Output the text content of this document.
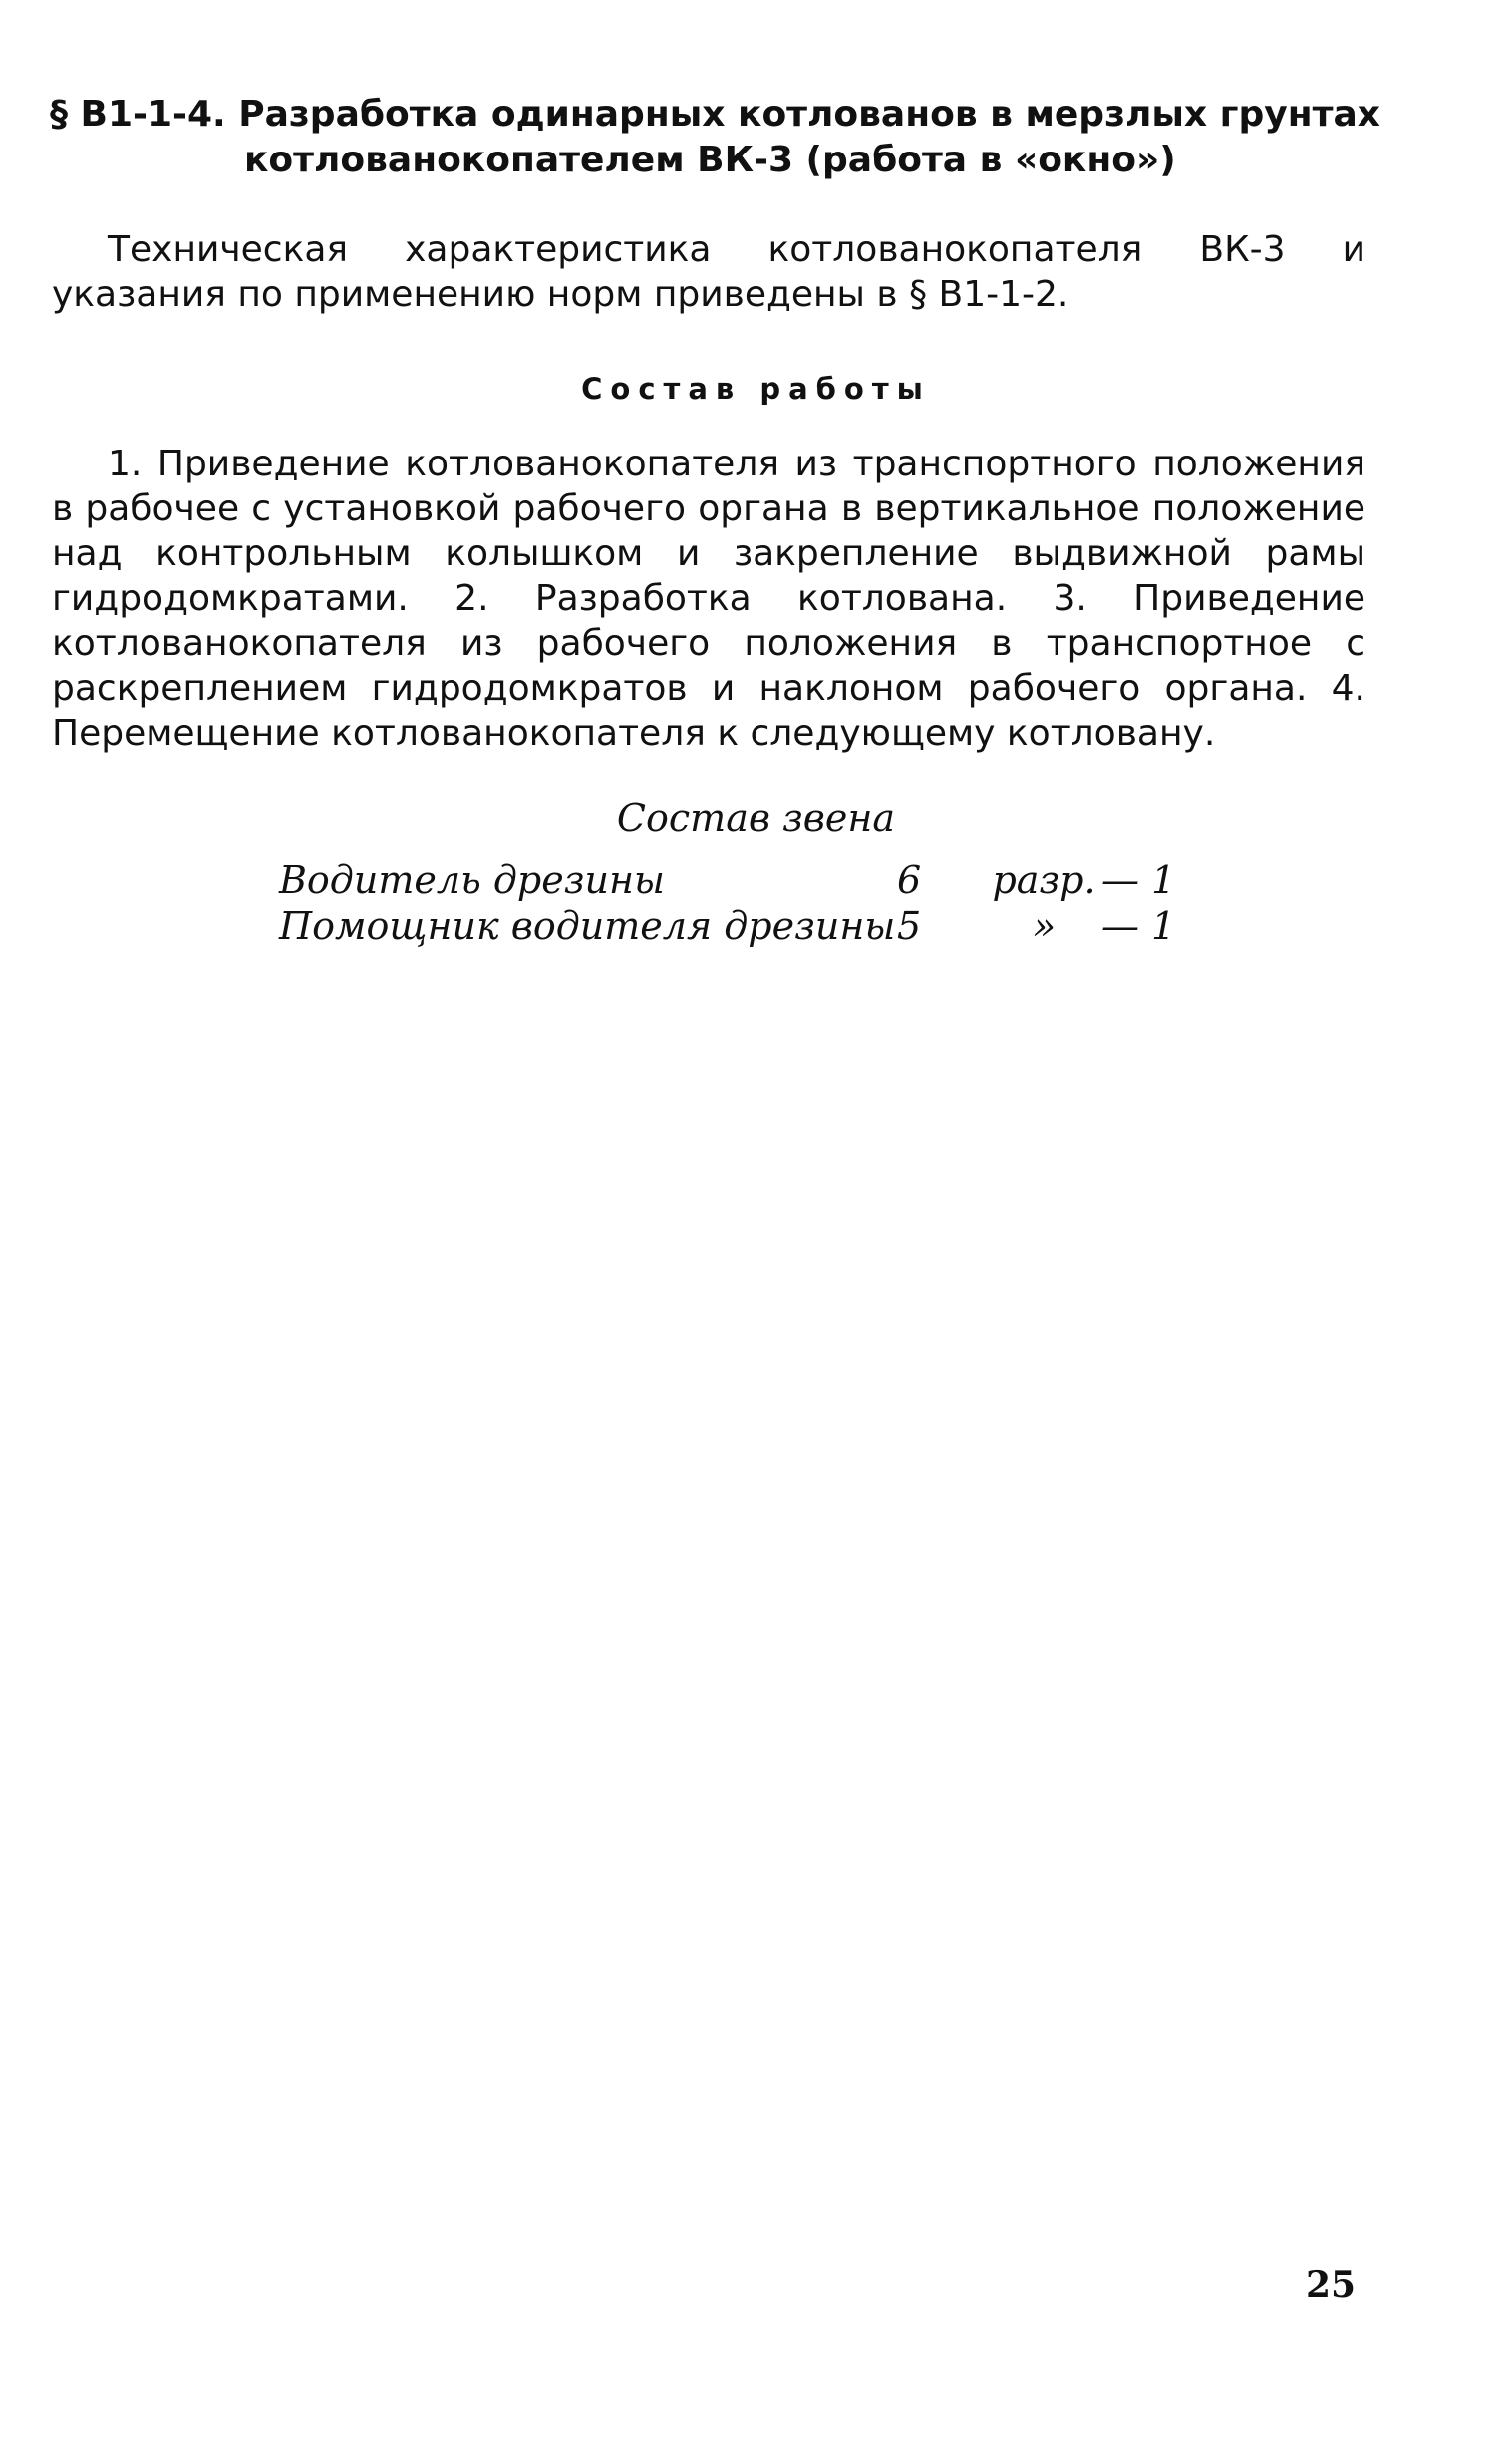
§ В1-1-4. Разработка одинарных котлованов в мерзлых грунтах
котлованокопателем ВК-3 (работа в «окно»)
Техническая характеристика котлованокопателя ВК-3 и указания по применению норм приведены в § В1-1-2.
Состав работы
1. Приведение котлованокопателя из транспортного положения в рабочее с установкой рабочего органа в вертикальное положение над контрольным колышком и закрепление выдвижной рамы гидродомкратами. 2. Разработка котлована. 3. Приведение котлованокопателя из рабочего положения в транспортное с раскреплением гидродомкратов и наклоном рабочего органа. 4. Перемещение котлованокопателя к следующему котловану.
Состав звена
Водитель дрезины	6	разр. — 1
Помощник водителя дрезины 5	»	— 1
25
